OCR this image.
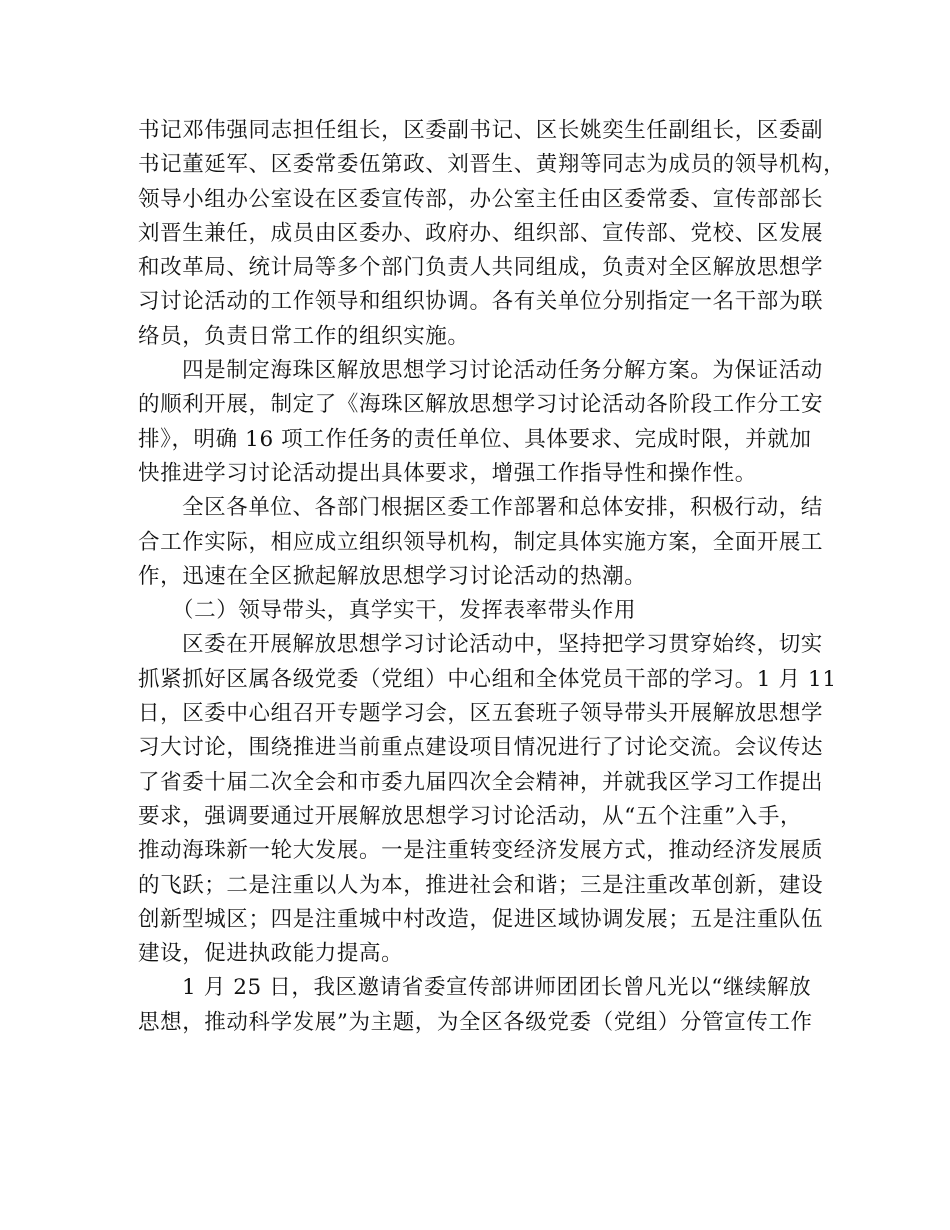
书记邓伟强同志担任组长，区委副书记、区长姚奕生任副组长，区委副
书记董延军、区委常委伍第政、刘晋生、黄翔等同志为成员的领导机构，
领导小组办公室设在区委宣传部，办公室主任由区委常委、宣传部部长
刘晋生兼任，成员由区委办、政府办、组织部、宣传部、党校、区发展
和改革局、统计局等多个部门负责人共同组成，负责对全区解放思想学
习讨论活动的工作领导和组织协调。各有关单位分别指定一名干部为联
络员，负责日常工作的组织实施。
四是制定海珠区解放思想学习讨论活动任务分解方案。为保证活动
的顺利开展，制定了《海珠区解放思想学习讨论活动各阶段工作分工安
排》，明确 16 项工作任务的责任单位、具体要求、完成时限，并就加
快推进学习讨论活动提出具体要求，增强工作指导性和操作性。
全区各单位、各部门根据区委工作部署和总体安排，积极行动，结
合工作实际，相应成立组织领导机构，制定具体实施方案，全面开展工
作，迅速在全区掀起解放思想学习讨论活动的热潮。
（二）领导带头，真学实干，发挥表率带头作用
区委在开展解放思想学习讨论活动中，坚持把学习贯穿始终，切实
抓紧抓好区属各级党委（党组）中心组和全体党员干部的学习。1 月 11
日，区委中心组召开专题学习会，区五套班子领导带头开展解放思想学
习大讨论，围绕推进当前重点建设项目情况进行了讨论交流。会议传达
了省委十届二次全会和市委九届四次全会精神，并就我区学习工作提出
要求，强调要通过开展解放思想学习讨论活动，从“五个注重”入手，
推动海珠新一轮大发展。一是注重转变经济发展方式，推动经济发展质
的飞跃；二是注重以人为本，推进社会和谐；三是注重改革创新，建设
创新型城区；四是注重城中村改造，促进区域协调发展；五是注重队伍
建设，促进执政能力提高。
1 月 25 日，我区邀请省委宣传部讲师团团长曾凡光以“继续解放
思想，推动科学发展”为主题，为全区各级党委（党组）分管宣传工作
